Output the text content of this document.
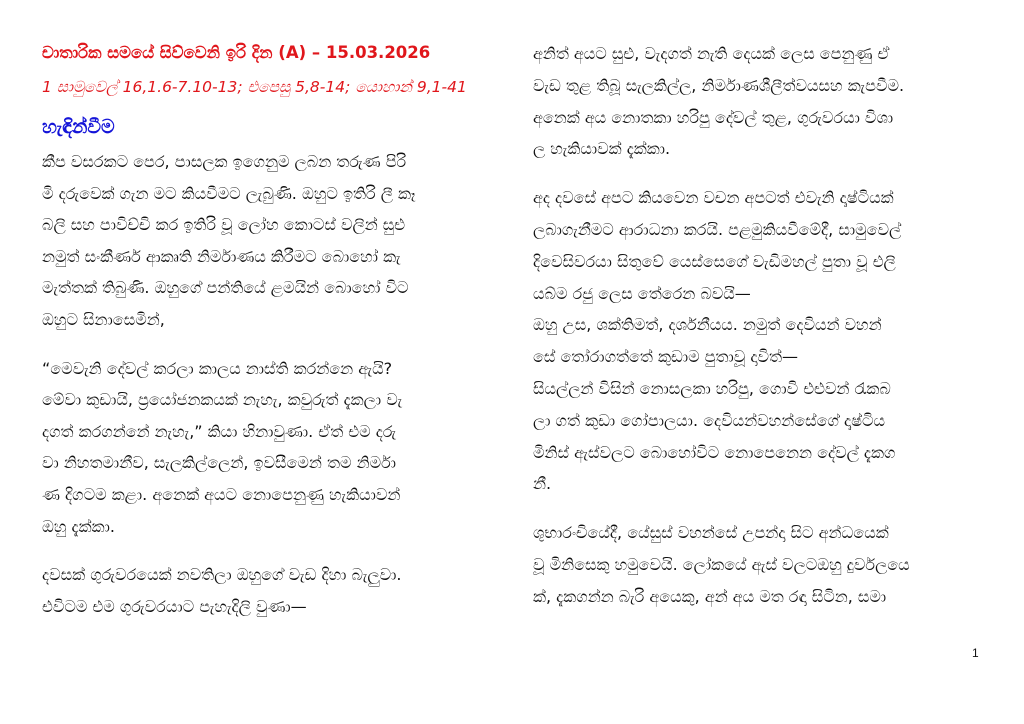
චාතාරික සමයේ සිව්වෙනි ඉරි දින (A) – 15.03.2026
1 සාමුවෙල් 16,1.6-7.10-13; එපෙසු 5,8-14; යොහාන් 9,1-41
හැඳින්වීම
කීප වසරකට පෙර, පාසලක ඉගෙනුම ලබන තරුණ පිරි
මි දරුවෙක් ගැන මට කියවීමට ලැබුණි. ඔහුට ඉතිරි ලී කෑ
බලි සහ පාවිච්චි කර ඉතිරි වූ ලෝහ කොටස් වලින් සුළු
නමුත් සංකීර්ණ ආකෘති නිර්මාණය කිරීමට බොහෝ කැ
මැත්තක් තිබුණි. ඔහුගේ පන්තියේ ළමයින් බොහෝ විට
ඔහුට සිනාසෙමින්,
“මෙවැනි දේවල් කරලා කාලය නාස්ති කරන්නෙ ඇයි?
මේවා කුඩායි, ප්‍රයෝජනකයක් නැහැ, කවුරුත් දැකලා වැ
දගත් කරගන්නේ නැහැ,” කියා හිනාවුණා. ඒත් එම දරු
වා නිහතමානීව, සැලකිල්ලෙන්, ඉවසීමෙන් තම නිර්මා
ණ දිගටම කළා. අනෙක් අයට නොපෙනුණු හැකියාවන්
ඔහු දැක්කා.
දවසක් ගුරුවරයෙක් නවතිලා ඔහුගේ වැඩ දිහා බැලුවා.
එවිටම එම ගුරුවරයාට පැහැදිලි වුණා—
අනිත් අයට සුළු, වැදගත් නැති දෙයක් ලෙස පෙනුණු ඒ
වැඩ තුළ තිබූ සැලකිල්ල, නිර්මාණශීලීත්වයසහ කැපවීම.
අනෙක් අය නොතකා හරිපු දේවල් තුළ, ගුරුවරයා විශා
ල හැකියාවක් දැක්කා.
අද දවසේ අපට කියවෙන වචන අපටත් එවැනි දෘෂ්ටියක්
ලබාගැනීමට ආරාධනා කරයි. පළමුකියවීමේදී, සාමුවෙල්
දිවෙසිවරයා සිතුවේ යෙස්සෙගේ වැඩිමහල් පුතා වූ එලි
යබ්ම රජු ලෙස තේරෙන බවයි—
ඔහු උස, ශක්තිමත්, දර්ශනීයය. නමුත් දෙවියන් වහන්
සේ තෝරාගත්තේ කුඩාම පුතාවූ දාවිත්—
සියල්ලන් විසින් නොසලකා හරිපු, ගොවි එළුවන් රැකබ
ලා ගත් කුඩා ගෝපාලයා. දෙවියන්වහන්සේගේ දෘෂ්ටිය
මිනිස් ඇස්වලට බොහෝවිට නොපෙනෙන දේවල් දැකග
නී.
ශුභාරංචියේදී, යේසුස් වහන්සේ උපන්දා සිට අන්ධයෙක්
වූ මිනිසෙකු හමුවෙයි. ලෝකයේ ඇස් වලටඔහු දුර්වලයෙ
ක්, දැකගන්න බැරි අයෙකු, අන් අය මත රඳා සිටින, සමා
1
